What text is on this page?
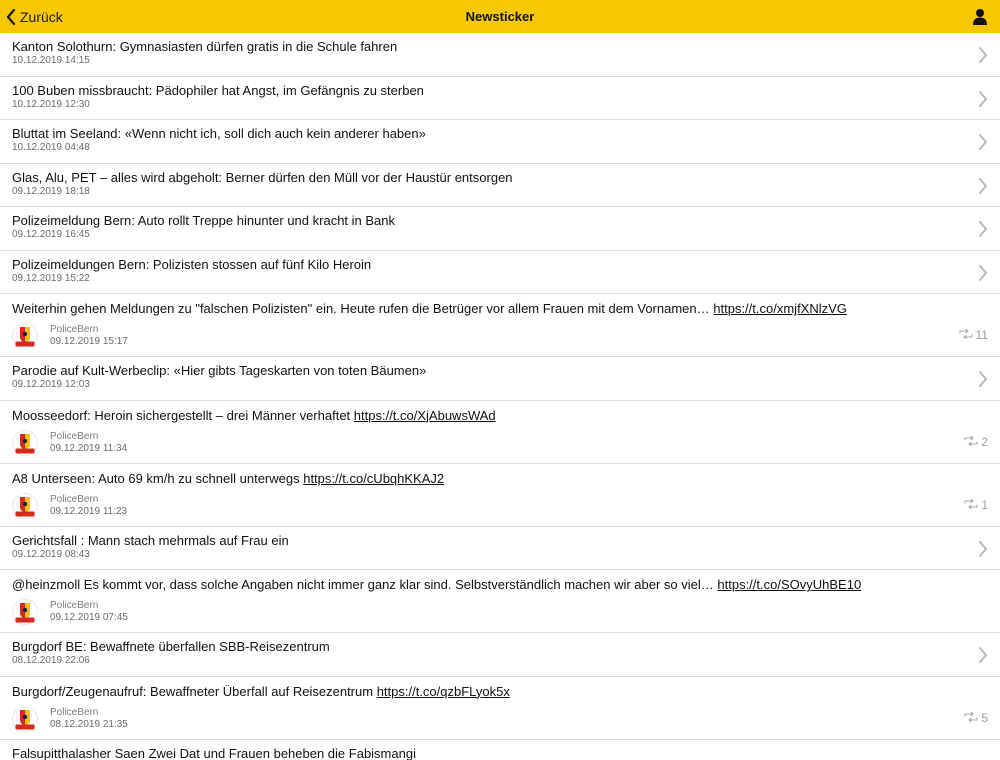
Zurück	Newsticker
Kanton Solothurn: Gymnasiasten dürfen gratis in die Schule fahren
10.12.2019 14:15
100 Buben missbraucht: Pädophiler hat Angst, im Gefängnis zu sterben
10.12.2019 12:30
Bluttat im Seeland: «Wenn nicht ich, soll dich auch kein anderer haben»
10.12.2019 04:48
Glas, Alu, PET – alles wird abgeholt: Berner dürfen den Müll vor der Haustür entsorgen
09.12.2019 18:18
Polizeimeldung Bern: Auto rollt Treppe hinunter und kracht in Bank
09.12.2019 16:45
Polizeimeldungen Bern: Polizisten stossen auf fünf Kilo Heroin
09.12.2019 15:22
Weiterhin gehen Meldungen zu "falschen Polizisten" ein. Heute rufen die Betrüger vor allem Frauen mit dem Vornamen… https://t.co/xmjfXNlzVG
PoliceBern
09.12.2019 15:17	11
Parodie auf Kult-Werbeclip: «Hier gibts Tageskarten von toten Bäumen»
09.12.2019 12:03
Moosseedorf: Heroin sichergestellt – drei Männer verhaftet https://t.co/XjAbuwsWAd
PoliceBern
09.12.2019 11:34	2
A8 Unterseen: Auto 69 km/h zu schnell unterwegs https://t.co/cUbqhKKAJ2
PoliceBern
09.12.2019 11:23	1
Gerichtsfall : Mann stach mehrmals auf Frau ein
09.12.2019 08:43
@heinzmoll Es kommt vor, dass solche Angaben nicht immer ganz klar sind. Selbstverständlich machen wir aber so viel… https://t.co/SOvyUhBE10
PoliceBern
09.12.2019 07:45
Burgdorf BE: Bewaffnete überfallen SBB-Reisezentrum
08.12.2019 22:06
Burgdorf/Zeugenaufruf: Bewaffneter Überfall auf Reisezentrum https://t.co/qzbFLyok5x
PoliceBern
08.12.2019 21:35	5
Falsupitthalasher Saen Zwei Dat und Frauen beheben die Fabismangi
